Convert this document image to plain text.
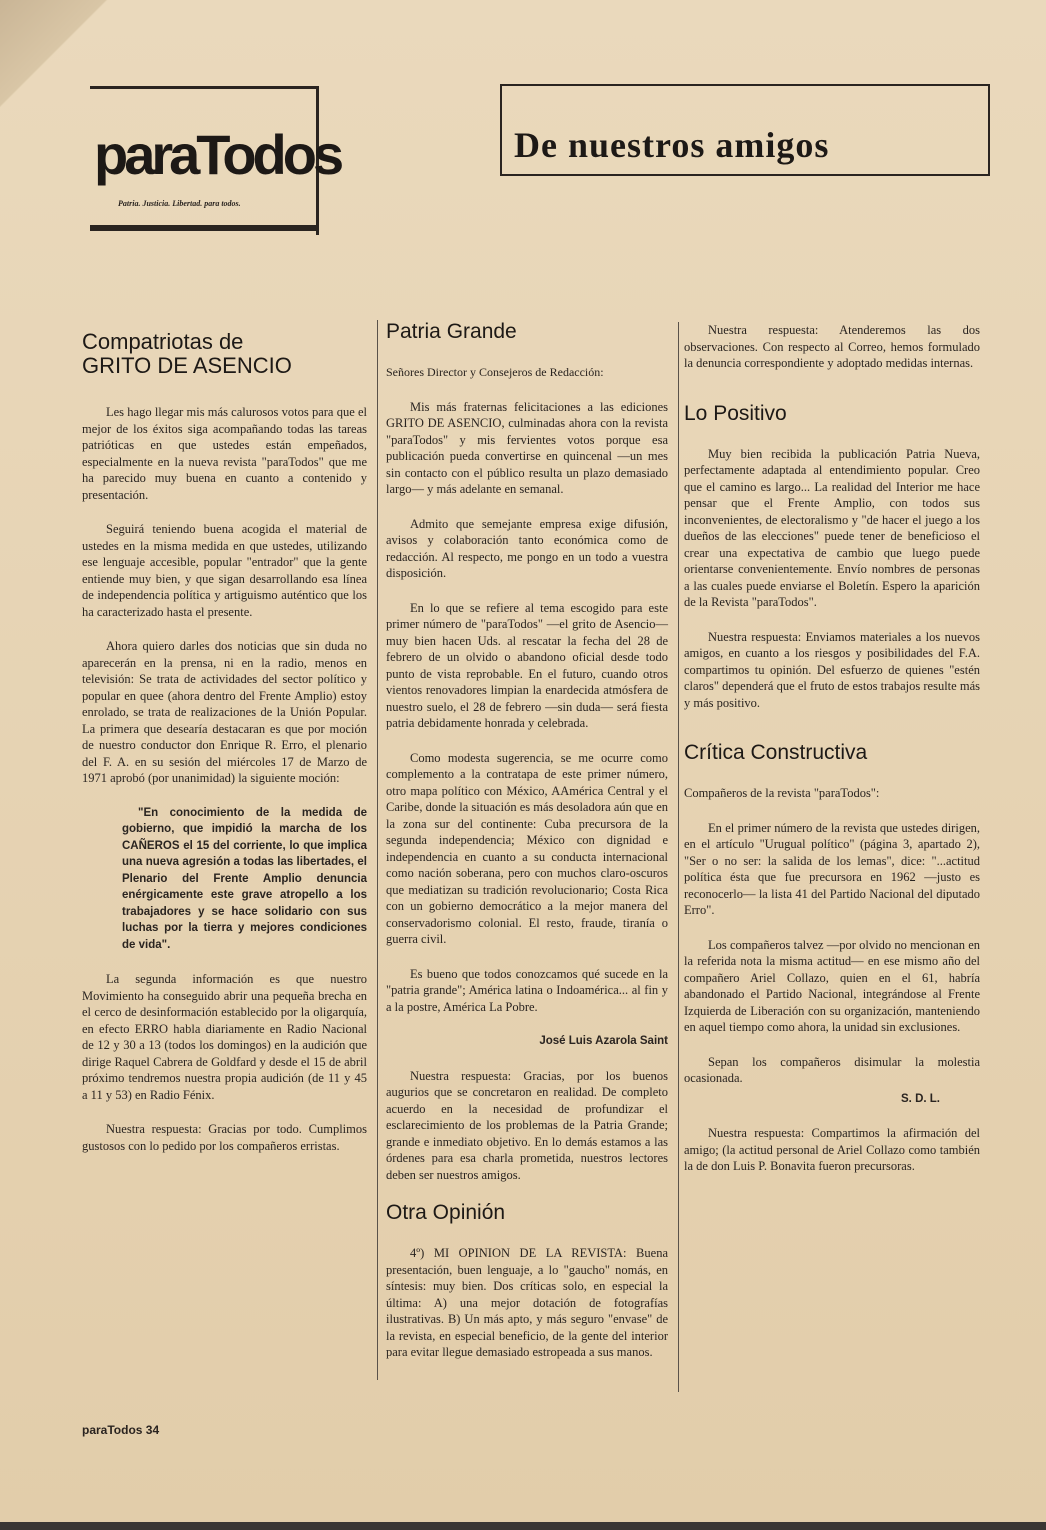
paraTodos
Patria. Justicia. Libertad. para todos.
De nuestros amigos
Compatriotas de
GRITO DE ASENCIO

Les hago llegar mis más calurosos votos para que el mejor de los éxitos siga acompañando todas las tareas patrióticas en que ustedes están empeñados, especialmente en la nueva revista "paraTodos" que me ha parecido muy buena en cuanto a contenido y presentación.

Seguirá teniendo buena acogida el material de ustedes en la misma medida en que ustedes, utilizando ese lenguaje accesible, popular "entrador" que la gente entiende muy bien, y que sigan desarrollando esa línea de independencia política y artiguismo auténtico que los ha caracterizado hasta el presente.

Ahora quiero darles dos noticias que sin duda no aparecerán en la prensa, ni en la radio, menos en televisión: Se trata de actividades del sector político y popular en quee (ahora dentro del Frente Amplio) estoy enrolado, se trata de realizaciones de la Unión Popular. La primera que desearía destacaran es que por moción de nuestro conductor don Enrique R. Erro, el plenario del F. A. en su sesión del miércoles 17 de Marzo de 1971 aprobó (por unanimidad) la siguiente moción:

"En conocimiento de la medida de gobierno, que impidió la marcha de los CAÑEROS el 15 del corriente, lo que implica una nueva agresión a todas las libertades, el Plenario del Frente Amplio denuncia enérgicamente este grave atropello a los trabajadores y se hace solidario con sus luchas por la tierra y mejores condiciones de vida".

La segunda información es que nuestro Movimiento ha conseguido abrir una pequeña brecha en el cerco de desinformación establecido por la oligarquía, en efecto ERRO habla diariamente en Radio Nacional de 12 y 30 a 13 (todos los domingos) en la audición que dirige Raquel Cabrera de Goldfard y desde el 15 de abril próximo tendremos nuestra propia audición (de 11 y 45 a 11 y 53) en Radio Fénix.

Nuestra respuesta: Gracias por todo. Cumplimos gustosos con lo pedido por los compañeros erristas.

Patria Grande

Señores Director y Consejeros de Redacción:

Mis más fraternas felicitaciones a las ediciones GRITO DE ASENCIO, culminadas ahora con la revista "paraTodos" y mis fervientes votos porque esa publicación pueda convertirse en quincenal —un mes sin contacto con el público resulta un plazo demasiado largo— y más adelante en semanal.

Admito que semejante empresa exige difusión, avisos y colaboración tanto económica como de redacción. Al respecto, me pongo en un todo a vuestra disposición.

En lo que se refiere al tema escogido para este primer número de "paraTodos" —el grito de Asencio— muy bien hacen Uds. al rescatar la fecha del 28 de febrero de un olvido o abandono oficial desde todo punto de vista reprobable. En el futuro, cuando otros vientos renovadores limpian la enardecida atmósfera de nuestro suelo, el 28 de febrero —sin duda— será fiesta patria debidamente honrada y celebrada.

Como modesta sugerencia, se me ocurre como complemento a la contratapa de este primer número, otro mapa político con México, AAmérica Central y el Caribe, donde la situación es más desoladora aún que en la zona sur del continente: Cuba precursora de la segunda independencia; México con dignidad e independencia en cuanto a su conducta internacional como nación soberana, pero con muchos claro-oscuros que mediatizan su tradición revolucionario; Costa Rica con un gobierno democrático a la mejor manera del conservadorismo colonial. El resto, fraude, tiranía o guerra civil.

Es bueno que todos conozcamos qué sucede en la "patria grande"; América latina o Indoamérica... al fin y a la postre, América La Pobre.

José Luis Azarola Saint

Nuestra respuesta: Gracias, por los buenos augurios que se concretaron en realidad. De completo acuerdo en la necesidad de profundizar el esclarecimiento de los problemas de la Patria Grande; grande e inmediato objetivo. En lo demás estamos a las órdenes para esa charla prometida, nuestros lectores deben ser nuestros amigos.

Otra Opinión

4º) MI OPINION DE LA REVISTA: Buena presentación, buen lenguaje, a lo "gaucho" nomás, en síntesis: muy bien. Dos críticas solo, en especial la última: A) una mejor dotación de fotografías ilustrativas. B) Un más apto, y más seguro "envase" de la revista, en especial beneficio, de la gente del interior para evitar llegue demasiado estropeada a sus manos.

Nuestra respuesta: Atenderemos las dos observaciones. Con respecto al Correo, hemos formulado la denuncia correspondiente y adoptado medidas internas.

Lo Positivo

Muy bien recibida la publicación Patria Nueva, perfectamente adaptada al entendimiento popular. Creo que el camino es largo... La realidad del Interior me hace pensar que el Frente Amplio, con todos sus inconvenientes, de electoralismo y "de hacer el juego a los dueños de las elecciones" puede tener de beneficioso el crear una expectativa de cambio que luego puede orientarse convenientemente. Envío nombres de personas a las cuales puede enviarse el Boletín. Espero la aparición de la Revista "paraTodos".

Nuestra respuesta: Enviamos materiales a los nuevos amigos, en cuanto a los riesgos y posibilidades del F.A. compartimos tu opinión. Del esfuerzo de quienes "estén claros" dependerá que el fruto de estos trabajos resulte más y más positivo.

Crítica Constructiva

Compañeros de la revista "paraTodos":

En el primer número de la revista que ustedes dirigen, en el artículo "Urugual político" (página 3, apartado 2), "Ser o no ser: la salida de los lemas", dice: "...actitud política ésta que fue precursora en 1962 —justo es reconocerlo— la lista 41 del Partido Nacional del diputado Erro".

Los compañeros talvez —por olvido no mencionan en la referida nota la misma actitud— en ese mismo año del compañero Ariel Collazo, quien en el 61, habría abandonado el Partido Nacional, integrándose al Frente Izquierda de Liberación con su organización, manteniendo en aquel tiempo como ahora, la unidad sin exclusiones.

Sepan los compañeros disimular la molestia ocasionada.

S. D. L.

Nuestra respuesta: Compartimos la afirmación del amigo; (la actitud personal de Ariel Collazo como también la de don Luis P. Bonavita fueron precursoras.

paraTodos 34
